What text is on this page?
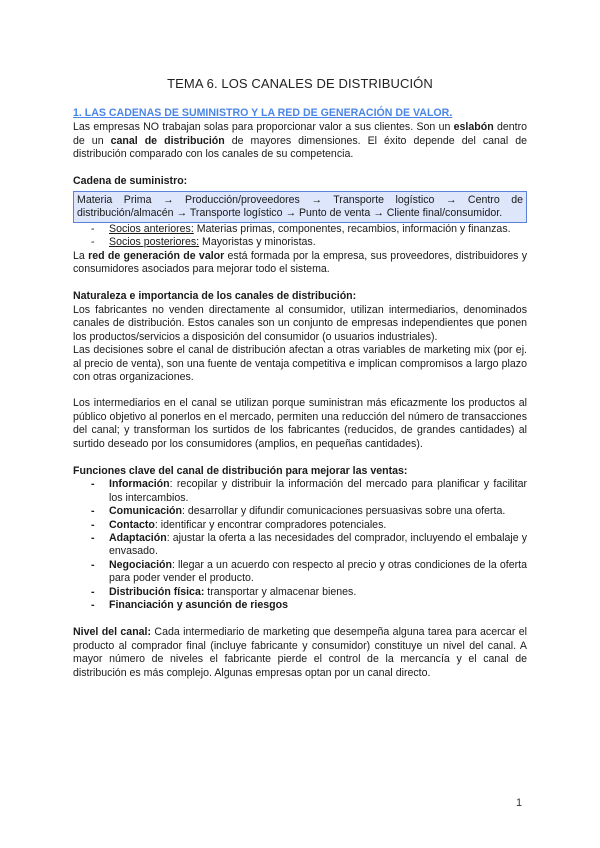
TEMA 6. LOS CANALES DE DISTRIBUCIÓN
1. LAS CADENAS DE SUMINISTRO Y LA RED DE GENERACIÓN DE VALOR.

Las empresas NO trabajan solas para proporcionar valor a sus clientes. Son un eslabón dentro de un canal de distribución de mayores dimensiones. El éxito depende del canal de distribución comparado con los canales de su competencia.

Cadena de suministro:
Materia Prima → Producción/proveedores → Transporte logístico → Centro de distribución/almacén → Transporte logístico → Punto de venta → Cliente final/consumidor.
- Socios anteriores: Materias primas, componentes, recambios, información y finanzas.
- Socios posteriores: Mayoristas y minoristas.

La red de generación de valor está formada por la empresa, sus proveedores, distribuidores y consumidores asociados para mejorar todo el sistema.

Naturaleza e importancia de los canales de distribución:

Los fabricantes no venden directamente al consumidor, utilizan intermediarios, denominados canales de distribución. Estos canales son un conjunto de empresas independientes que ponen los productos/servicios a disposición del consumidor (o usuarios industriales).

Las decisiones sobre el canal de distribución afectan a otras variables de marketing mix (por ej. al precio de venta), son una fuente de ventaja competitiva e implican compromisos a largo plazo con otras organizaciones.

Los intermediarios en el canal se utilizan porque suministran más eficazmente los productos al público objetivo al ponerlos en el mercado, permiten una reducción del número de transacciones del canal; y transforman los surtidos de los fabricantes (reducidos, de grandes cantidades) al surtido deseado por los consumidores (amplios, en pequeñas cantidades).

Funciones clave del canal de distribución para mejorar las ventas:
- Información: recopilar y distribuir la información del mercado para planificar y facilitar los intercambios.
- Comunicación: desarrollar y difundir comunicaciones persuasivas sobre una oferta.
- Contacto: identificar y encontrar compradores potenciales.
- Adaptación: ajustar la oferta a las necesidades del comprador, incluyendo el embalaje y envasado.
- Negociación: llegar a un acuerdo con respecto al precio y otras condiciones de la oferta para poder vender el producto.
- Distribución física: transportar y almacenar bienes.
- Financiación y asunción de riesgos

Nivel del canal: Cada intermediario de marketing que desempeña alguna tarea para acercar el producto al comprador final (incluye fabricante y consumidor) constituye un nivel del canal. A mayor número de niveles el fabricante pierde el control de la mercancía y el canal de distribución es más complejo. Algunas empresas optan por un canal directo.

1
